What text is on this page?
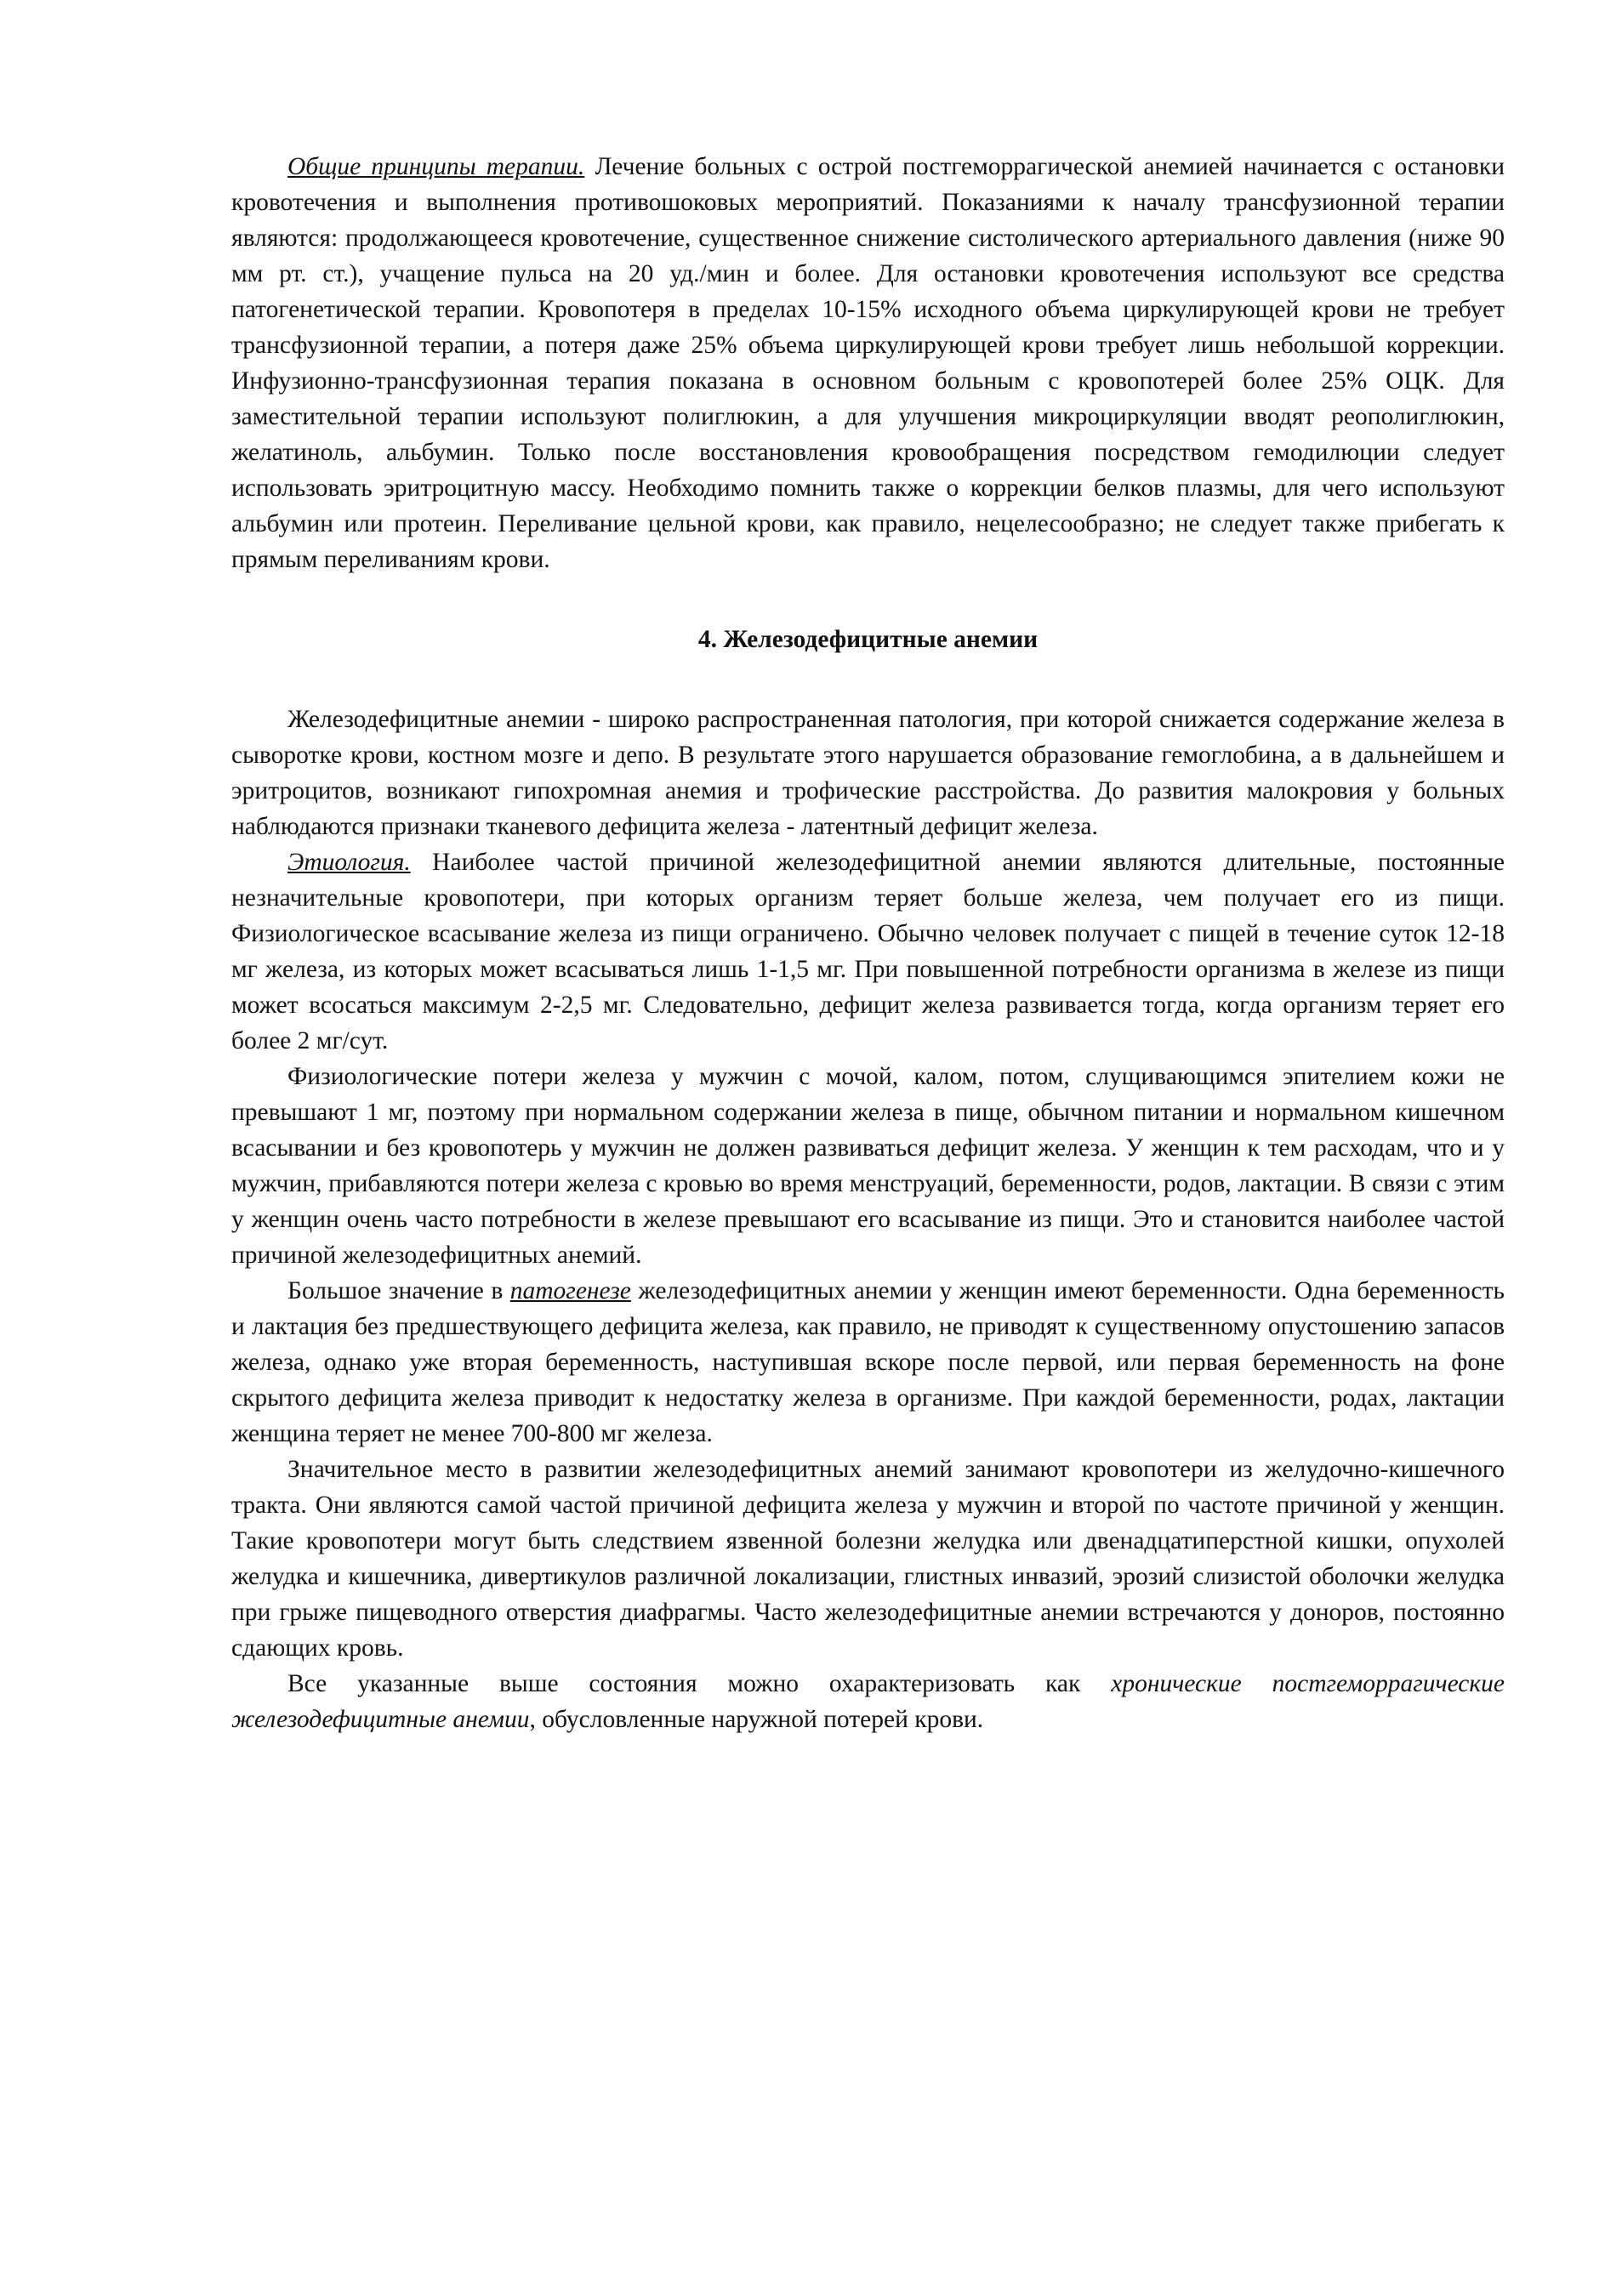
Общие принципы терапии. Лечение больных с острой постгеморрагической анемией начинается с остановки кровотечения и выполнения противошоковых мероприятий. Показаниями к началу трансфузионной терапии являются: продолжающееся кровотечение, существенное снижение систолического артериального давления (ниже 90 мм рт. ст.), учащение пульса на 20 уд./мин и более. Для остановки кровотечения используют все средства патогенетической терапии. Кровопотеря в пределах 10-15% исходного объема циркулирующей крови не требует трансфузионной терапии, а потеря даже 25% объема циркулирующей крови требует лишь небольшой коррекции. Инфузионно-трансфузионная терапия показана в основном больным с кровопотерей более 25% ОЦК. Для заместительной терапии используют полиглюкин, а для улучшения микроциркуляции вводят реополиглюкин, желатиноль, альбумин. Только после восстановления кровообращения посредством гемодилюции следует использовать эритроцитную массу. Необходимо помнить также о коррекции белков плазмы, для чего используют альбумин или протеин. Переливание цельной крови, как правило, нецелесообразно; не следует также прибегать к прямым переливаниям крови.

4. Железодефицитные анемии

Железодефицитные анемии - широко распространенная патология, при которой снижается содержание железа в сыворотке крови, костном мозге и депо. В результате этого нарушается образование гемоглобина, а в дальнейшем и эритроцитов, возникают гипохромная анемия и трофические расстройства. До развития малокровия у больных наблюдаются признаки тканевого дефицита железа - латентный дефицит железа.

Этиология. Наиболее частой причиной железодефицитной анемии являются длительные, постоянные незначительные кровопотери, при которых организм теряет больше железа, чем получает его из пищи. Физиологическое всасывание железа из пищи ограничено. Обычно человек получает с пищей в течение суток 12-18 мг железа, из которых может всасываться лишь 1-1,5 мг. При повышенной потребности организма в железе из пищи может всосаться максимум 2-2,5 мг. Следовательно, дефицит железа развивается тогда, когда организм теряет его более 2 мг/сут.

Физиологические потери железа у мужчин с мочой, калом, потом, слущивающимся эпителием кожи не превышают 1 мг, поэтому при нормальном содержании железа в пище, обычном питании и нормальном кишечном всасывании и без кровопотерь у мужчин не должен развиваться дефицит железа. У женщин к тем расходам, что и у мужчин, прибавляются потери железа с кровью во время менструаций, беременности, родов, лактации. В связи с этим у женщин очень часто потребности в железе превышают его всасывание из пищи. Это и становится наиболее частой причиной железодефицитных анемий.

Большое значение в патогенезе железодефицитных анемии у женщин имеют беременности. Одна беременность и лактация без предшествующего дефицита железа, как правило, не приводят к существенному опустошению запасов железа, однако уже вторая беременность, наступившая вскоре после первой, или первая беременность на фоне скрытого дефицита железа приводит к недостатку железа в организме. При каждой беременности, родах, лактации женщина теряет не менее 700-800 мг железа.

Значительное место в развитии железодефицитных анемий занимают кровопотери из желудочно-кишечного тракта. Они являются самой частой причиной дефицита железа у мужчин и второй по частоте причиной у женщин. Такие кровопотери могут быть следствием язвенной болезни желудка или двенадцатиперстной кишки, опухолей желудка и кишечника, дивертикулов различной локализации, глистных инвазий, эрозий слизистой оболочки желудка при грыже пищеводного отверстия диафрагмы. Часто железодефицитные анемии встречаются у доноров, постоянно сдающих кровь.

Все указанные выше состояния можно охарактеризовать как хронические постгеморрагические железодефицитные анемии, обусловленные наружной потерей крови.
